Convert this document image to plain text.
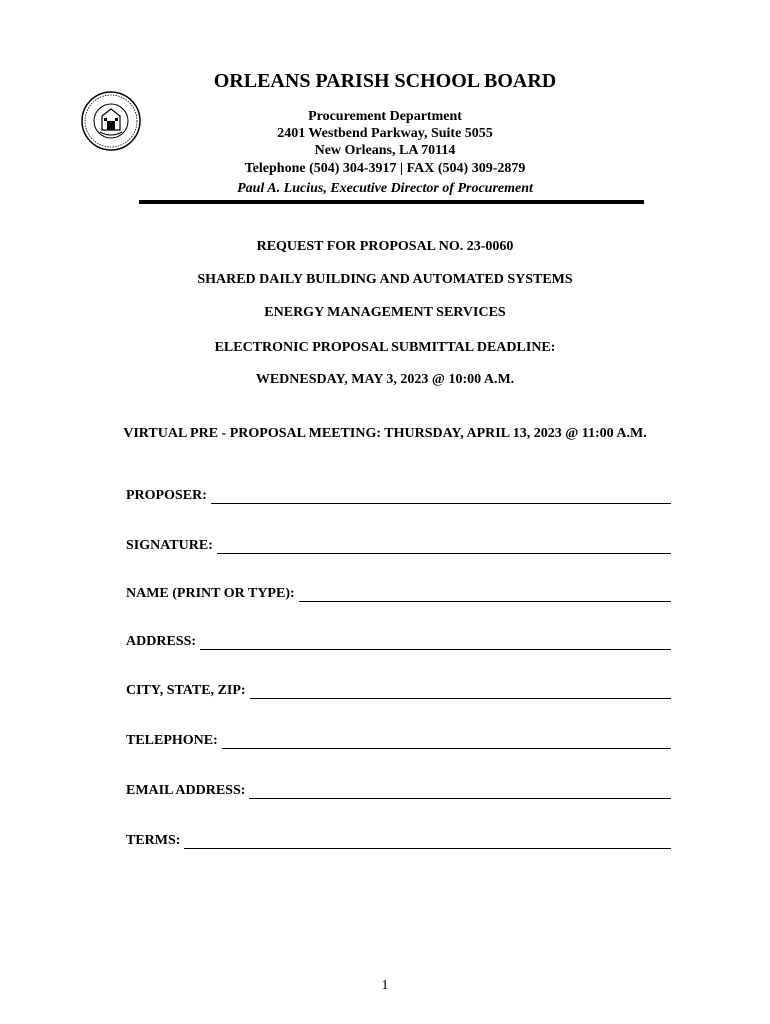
ORLEANS PARISH SCHOOL BOARD
Procurement Department
2401 Westbend Parkway, Suite 5055
New Orleans, LA 70114
Telephone (504) 304-3917 | FAX (504) 309-2879
Paul A. Lucius, Executive Director of Procurement
REQUEST FOR PROPOSAL NO. 23-0060
SHARED DAILY BUILDING AND AUTOMATED SYSTEMS
ENERGY MANAGEMENT SERVICES
ELECTRONIC PROPOSAL SUBMITTAL DEADLINE:
WEDNESDAY, MAY 3, 2023 @ 10:00 A.M.
VIRTUAL PRE - PROPOSAL MEETING: THURSDAY, APRIL 13, 2023 @ 11:00 A.M.
PROPOSER:
SIGNATURE:
NAME (PRINT OR TYPE):
ADDRESS:
CITY, STATE, ZIP:
TELEPHONE:
EMAIL ADDRESS:
TERMS:
1
